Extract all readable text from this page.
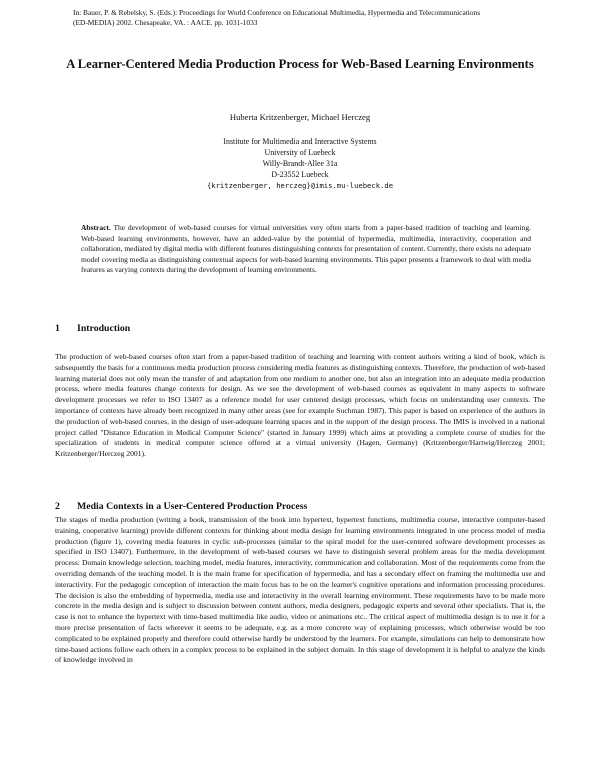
In: Bauer, P. & Rebelsky, S. (Eds.): Proceedings for World Conference on Educational Multimedia, Hypermedia and Telecommunications
(ED-MEDIA) 2002. Chesapeake, VA. : AACE. pp. 1031-1033
A Learner-Centered Media Production Process for Web-Based Learning Environments
Huberta Kritzenberger, Michael Herczeg
Institute for Multimedia and Interactive Systems
University of Luebeck
Willy-Brandt-Allee 31a
D-23552 Luebeck
{kritzenberger, herczeg}@imis.mu-luebeck.de
Abstract. The development of web-based courses for virtual universities very often starts from a paper-based tradition of teaching and learning. Web-based learning environments, however, have an added-value by the potential of hypermedia, multimedia, interactivity, cooperation and collaboration, mediated by digital media with different features distinguishing contexts for presentation of content. Currently, there exists no adequate model covering media as distinguishing contextual aspects for web-based learning environments. This paper presents a framework to deal with media features as varying contexts during the development of learning environments.
1 Introduction
The production of web-based courses often start from a paper-based tradition of teaching and learning with content authors writing a kind of book, which is subsequently the basis for a continuous media production process considering media features as distinguishing contexts. Therefore, the production of web-based learning material does not only mean the transfer of and adaptation from one medium to another one, but also an integration into an adequate media production process, where media features change contexts for design. As we see the development of web-based courses as equivalent in many aspects to software development processes we refer to ISO 13407 as a reference model for user centered design processes, which focus on understanding user contexts. The importance of contexts have already been recognized in many other areas (see for example Suchman 1987). This paper is based on experience of the authors in the production of web-based courses, in the design of user-adequate learning spaces and in the support of the design process. The IMIS is involved in a national project called "Distance Education in Medical Computer Science" (started in January 1999) which aims at providing a complete course of studies for the specialization of students in medical computer science offered at a virtual university (Hagen, Germany) (Kritzenberger/Hartwig/Herczeg 2001; Kritzenberger/Herczeg 2001).
2 Media Contexts in a User-Centered Production Process
The stages of media production (writing a book, transmission of the book into hypertext, hypertext functions, multimedia course, interactive computer-based training, cooperative learning) provide different contexts for thinking about media design for learning environments integrated in one process model of media production (figure 1), covering media features in cyclic sub-processes (similar to the spiral model for the user-centered software development processes as specified in ISO 13407). Furthermore, in the development of web-based courses we have to distinguish several problem areas for the media development process: Domain knowledge selection, teaching model, media features, interactivity, communication and collaboration. Most of the requirements come from the overriding demands of the teaching model. It is the main frame for specification of hypermedia, and has a secondary effect on framing the multimedia use and interactivity. For the pedagogic conception of interaction the main focus has to be on the learner's cognitive operations and information processing procedures. The decision is also the embedding of hypermedia, media use and interactivity in the overall learning environment. These requirements have to be made more concrete in the media design and is subject to discussion between content authors, media designers, pedagogic experts and several other specialists. That is, the case is not to enhance the hypertext with time-based multimedia like audio, video or animations etc.. The critical aspect of multimedia design is to use it for a more precise presentation of facts wherever it seems to be adequate, e.g. as a more concrete way of explaining processes, which otherwise would be too complicated to be explained properly and therefore could otherwise hardly be understood by the learners. For example, simulations can help to demonstrate how time-based actions follow each others in a complex process to be explained in the subject domain. In this stage of development it is helpful to analyze the kinds of knowledge involved in
